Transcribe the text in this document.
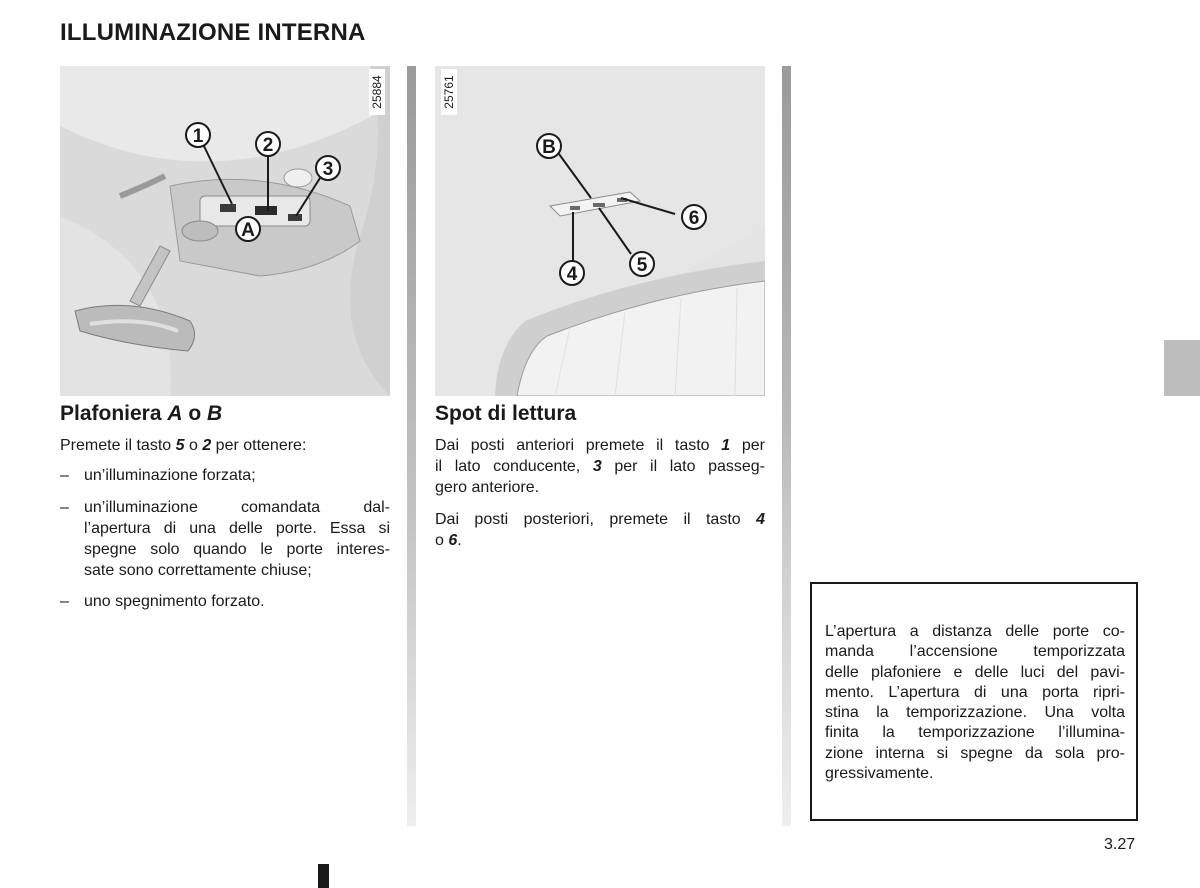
ILLUMINAZIONE INTERNA
1	2
3
A
25884
B
6
5
4
25761
Plafoniera A o B
Premete il tasto 5 o 2 per ottenere:
– un’illuminazione forzata;
– un’illuminazione comandata dal-
l’apertura di una delle porte. Essa si
spegne solo quando le porte interes-
sate sono correttamente chiuse;
– uno spegnimento forzato.
Spot di lettura
Dai posti anteriori premete il tasto 1 per
il lato conducente, 3 per il lato passeg-
gero anteriore.
Dai posti posteriori, premete il tasto 4
o 6.
L’apertura a distanza delle porte co-
manda l’accensione temporizzata
delle plafoniere e delle luci del pavi-
mento. L’apertura di una porta ripri-
stina la temporizzazione. Una volta
finita la temporizzazione l’illumina-
zione interna si spegne da sola pro-
gressivamente.
3.27
